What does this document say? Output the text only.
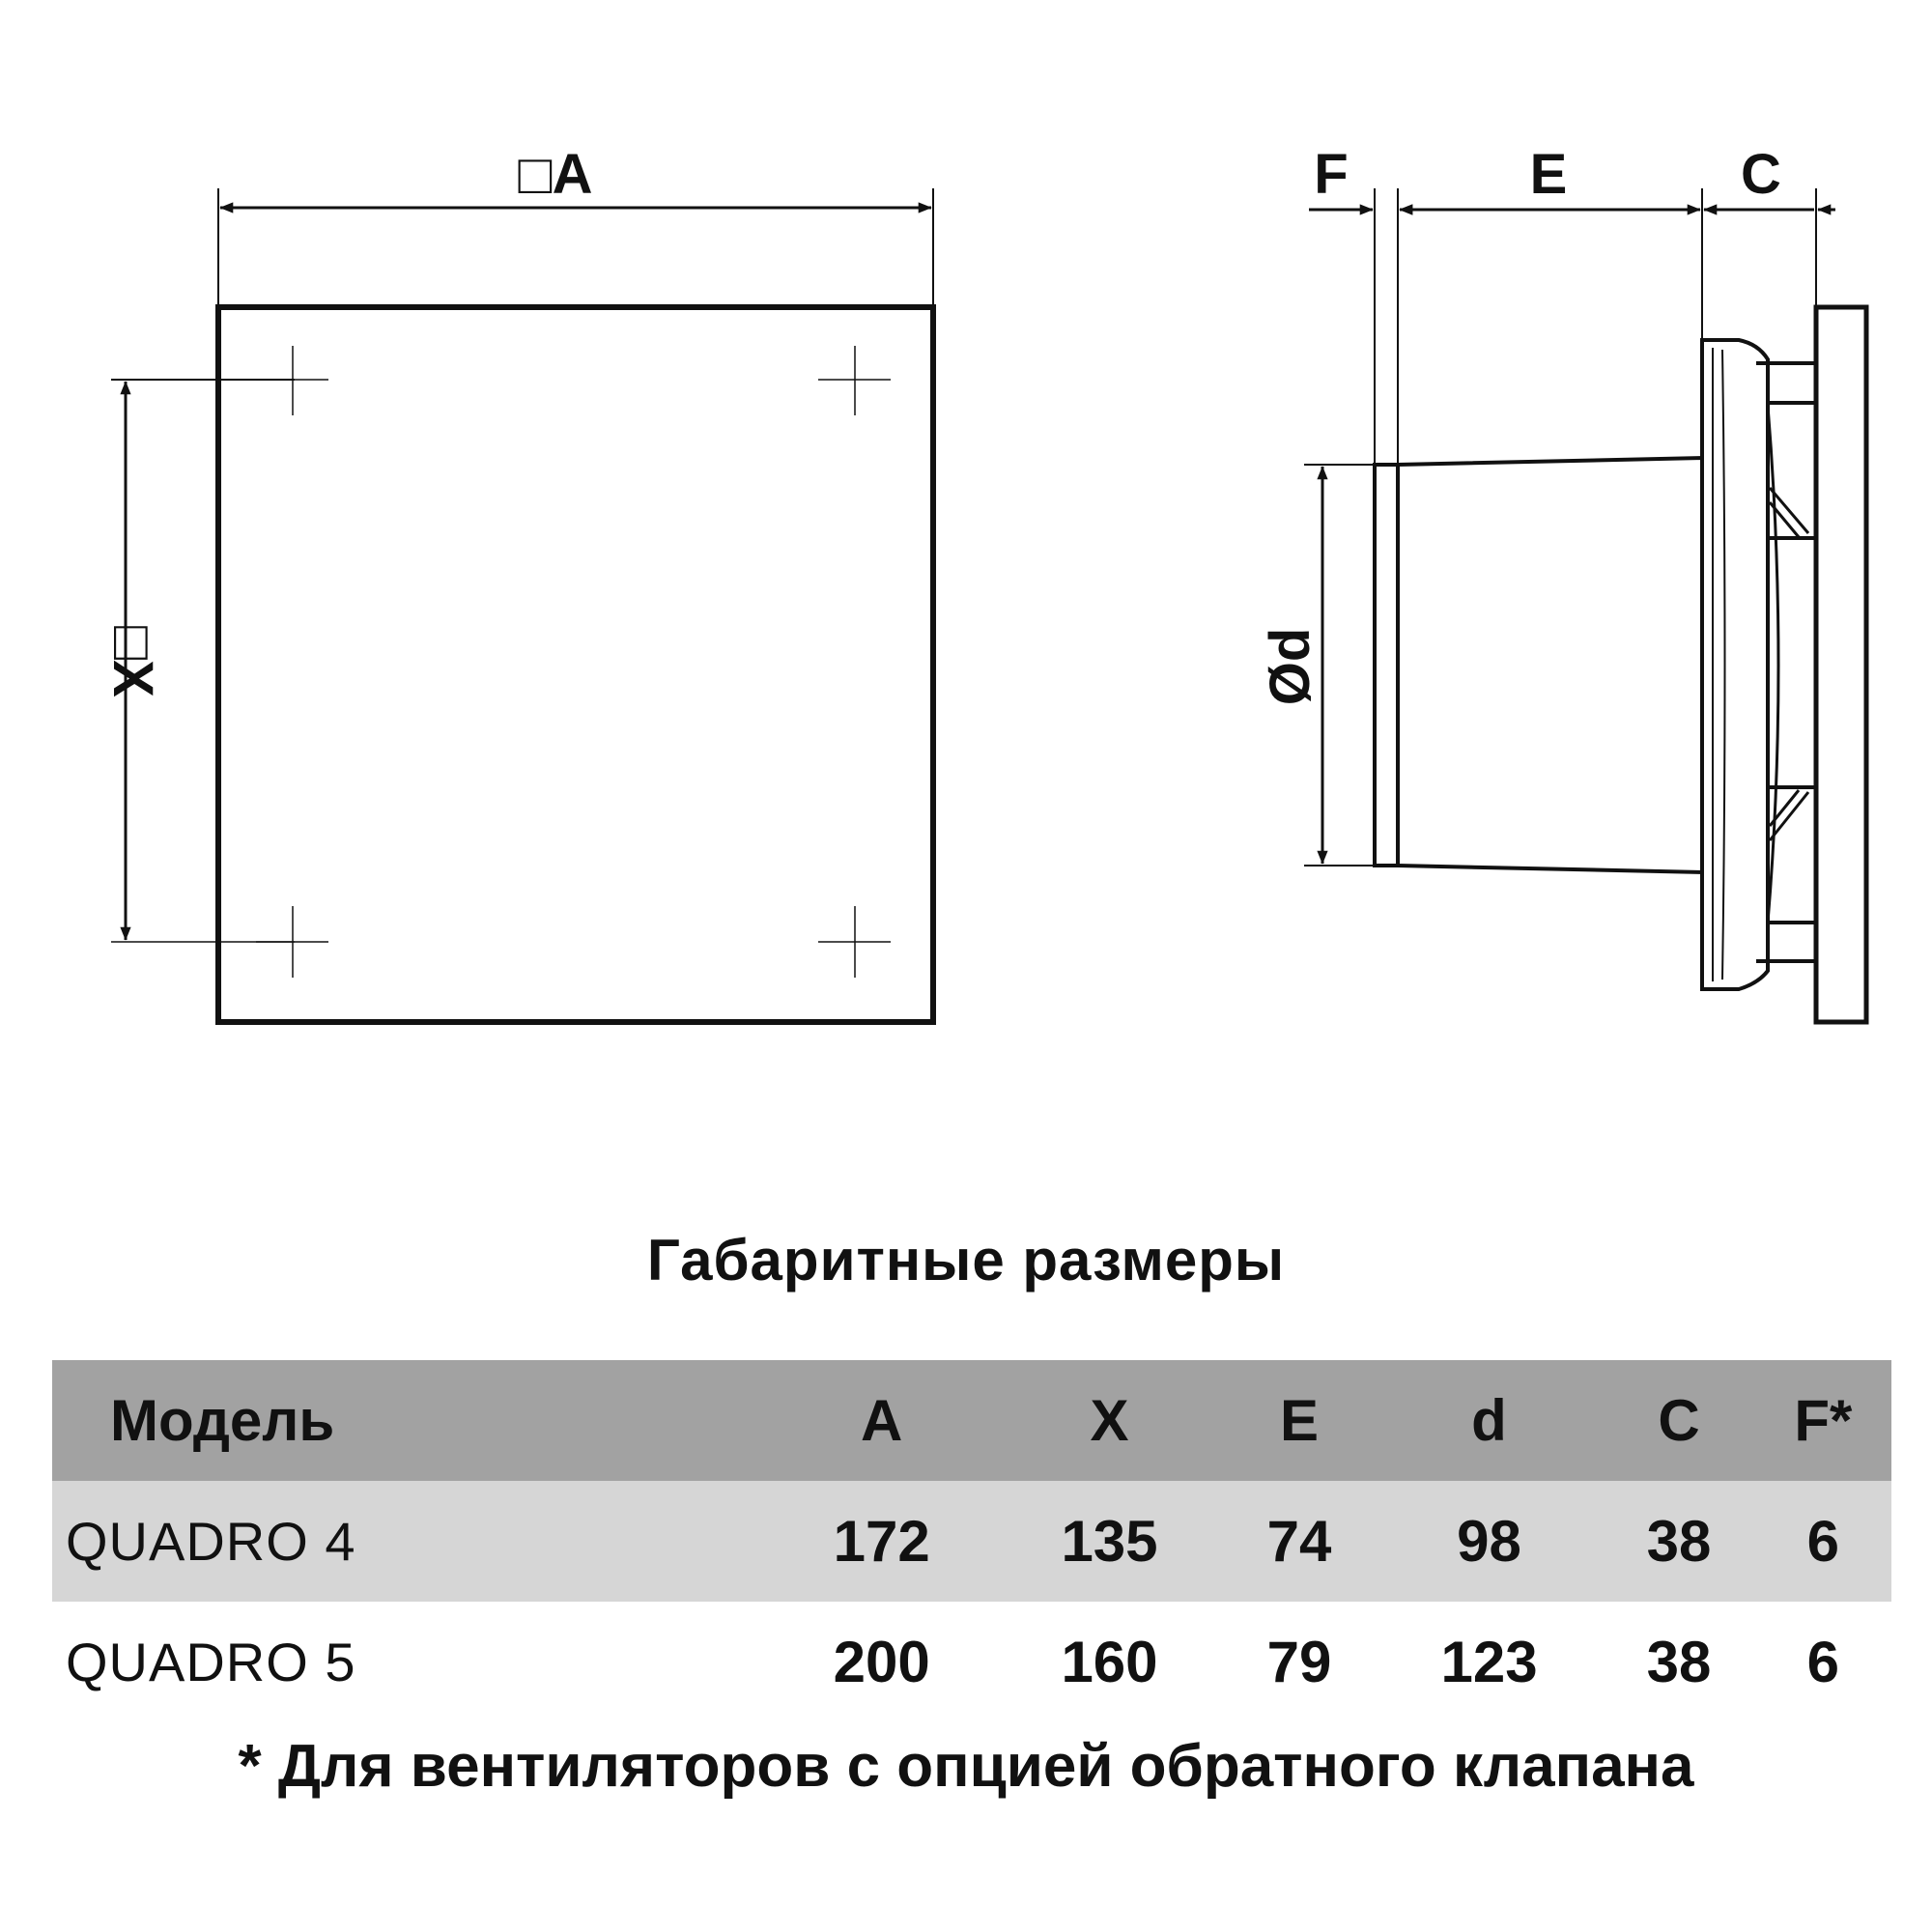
□A
□X
F	E	C
Ød
Габаритные размеры
Модель	A	X	E	d	C	F*
QUADRO 4	172	135	74	98	38	6
QUADRO 5	200	160	79	123	38	6
* Для вентиляторов с опцией обратного клапана
